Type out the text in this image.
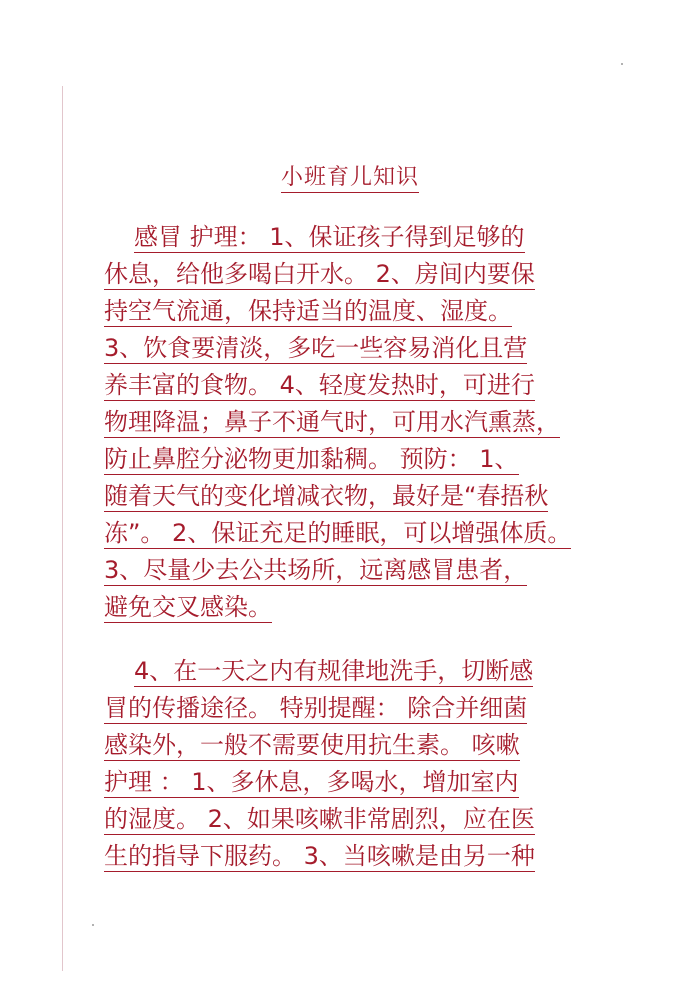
小班育儿知识
感冒 护理： 1、保证孩子得到足够的
休息，给他多喝白开水。 2、房间内要保
持空气流通，保持适当的温度、湿度。
3、饮食要清淡，多吃一些容易消化且营
养丰富的食物。 4、轻度发热时，可进行
物理降温；鼻子不通气时，可用水汽熏蒸，
防止鼻腔分泌物更加黏稠。 预防： 1、
随着天气的变化增减衣物，最好是“春捂秋
冻”。 2、保证充足的睡眠，可以增强体质。
3、尽量少去公共场所，远离感冒患者，
避免交叉感染。
4、在一天之内有规律地洗手，切断感
冒的传播途径。 特别提醒： 除合并细菌
感染外，一般不需要使用抗生素。 咳嗽
护理 ： 1、多休息，多喝水，增加室内
的湿度。 2、如果咳嗽非常剧烈，应在医
生的指导下服药。 3、当咳嗽是由另一种
